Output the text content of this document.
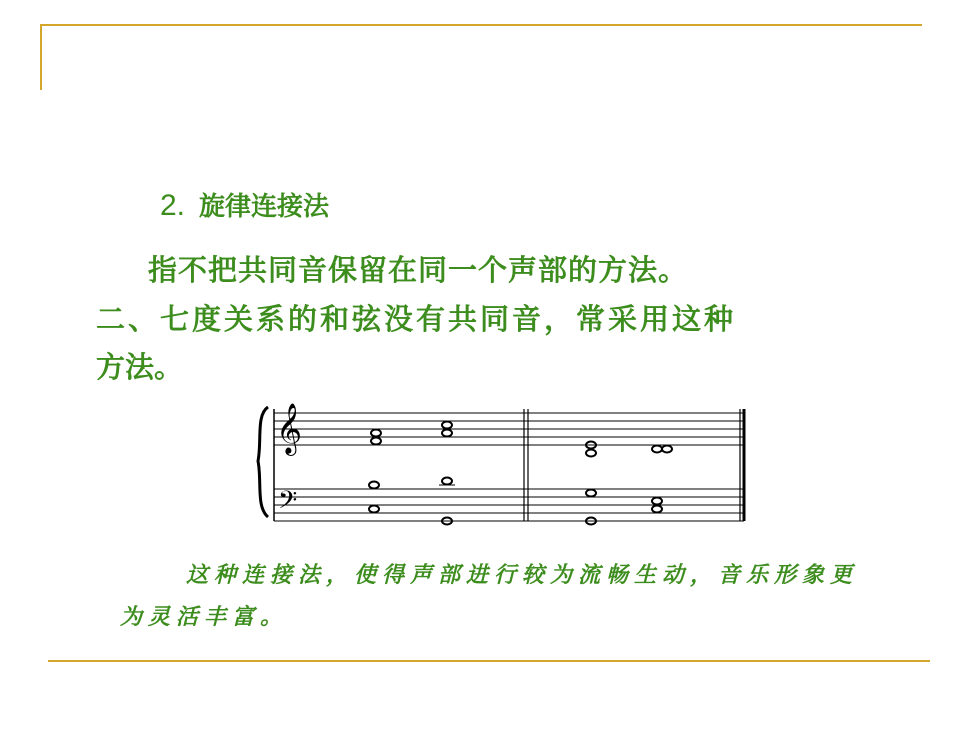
2. 旋律连接法
指不把共同音保留在同一个声部的方法。
二、七度关系的和弦没有共同音，常采用这种
方法。
𝄞
𝄢
这种连接法，使得声部进行较为流畅生动，音乐形象更
为灵活丰富。
